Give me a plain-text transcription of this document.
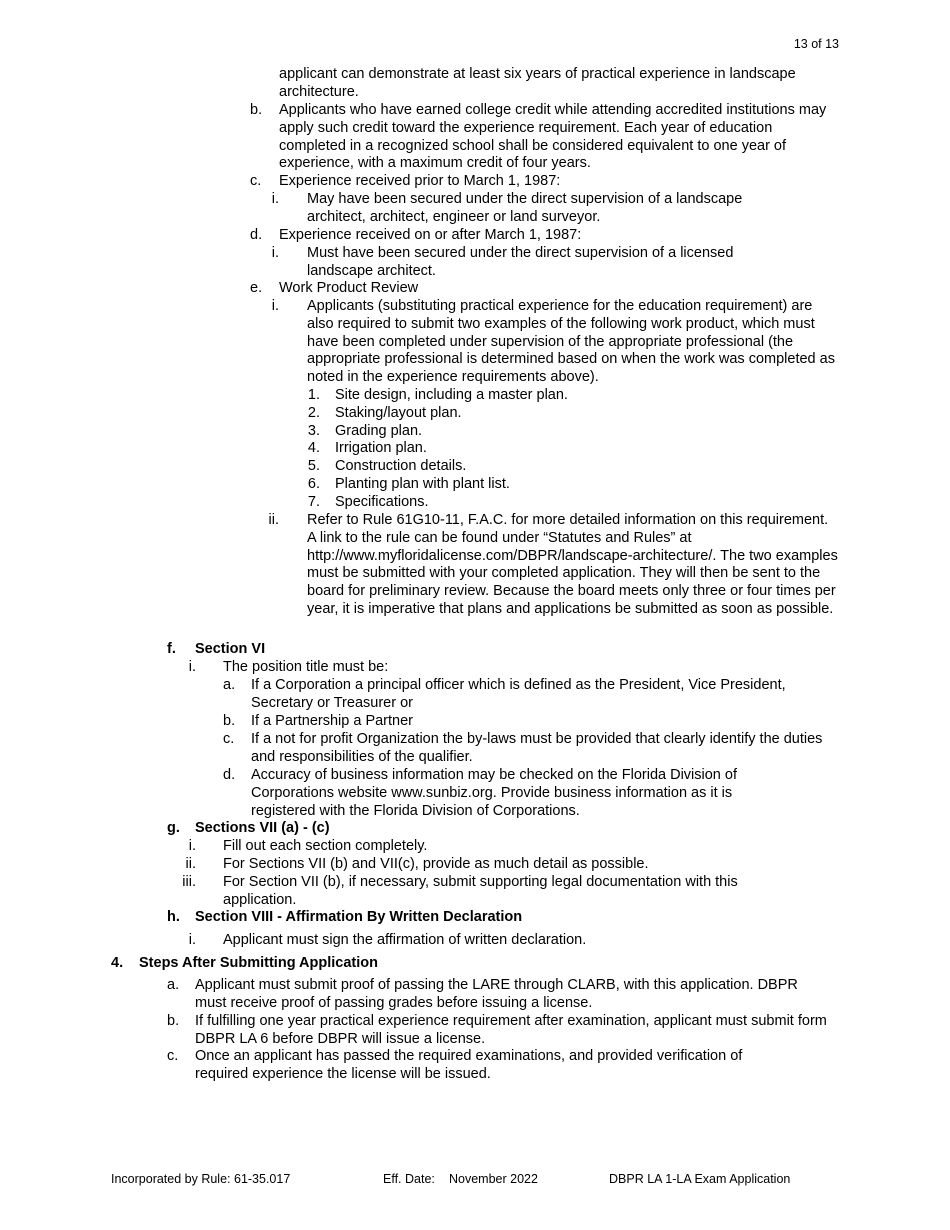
13 of 13
applicant can demonstrate at least six years of practical experience in landscape architecture.
b. Applicants who have earned college credit while attending accredited institutions may apply such credit toward the experience requirement. Each year of education completed in a recognized school shall be considered equivalent to one year of experience, with a maximum credit of four years.
c. Experience received prior to March 1, 1987:
i. May have been secured under the direct supervision of a landscape architect, architect, engineer or land surveyor.
d. Experience received on or after March 1, 1987:
i. Must have been secured under the direct supervision of a licensed landscape architect.
e. Work Product Review
i. Applicants (substituting practical experience for the education requirement) are also required to submit two examples of the following work product, which must have been completed under supervision of the appropriate professional (the appropriate professional is determined based on when the work was completed as noted in the experience requirements above).
1. Site design, including a master plan.
2. Staking/layout plan.
3. Grading plan.
4. Irrigation plan.
5. Construction details.
6. Planting plan with plant list.
7. Specifications.
ii. Refer to Rule 61G10-11, F.A.C. for more detailed information on this requirement. A link to the rule can be found under “Statutes and Rules” at http://www.myfloridalicense.com/DBPR/landscape-architecture/. The two examples must be submitted with your completed application. They will then be sent to the board for preliminary review. Because the board meets only three or four times per year, it is imperative that plans and applications be submitted as soon as possible.
f. Section VI
i. The position title must be:
a. If a Corporation a principal officer which is defined as the President, Vice President, Secretary or Treasurer or
b. If a Partnership a Partner
c. If a not for profit Organization the by-laws must be provided that clearly identify the duties and responsibilities of the qualifier.
d. Accuracy of business information may be checked on the Florida Division of Corporations website www.sunbiz.org. Provide business information as it is registered with the Florida Division of Corporations.
g. Sections VII (a) - (c)
i. Fill out each section completely.
ii. For Sections VII (b) and VII(c), provide as much detail as possible.
iii. For Section VII (b), if necessary, submit supporting legal documentation with this application.
h. Section VIII - Affirmation By Written Declaration
i. Applicant must sign the affirmation of written declaration.
4. Steps After Submitting Application
a. Applicant must submit proof of passing the LARE through CLARB, with this application. DBPR must receive proof of passing grades before issuing a license.
b. If fulfilling one year practical experience requirement after examination, applicant must submit form DBPR LA 6 before DBPR will issue a license.
c. Once an applicant has passed the required examinations, and provided verification of required experience the license will be issued.
Incorporated by Rule: 61-35.017	Eff. Date: November 2022	DBPR LA 1-LA Exam Application
